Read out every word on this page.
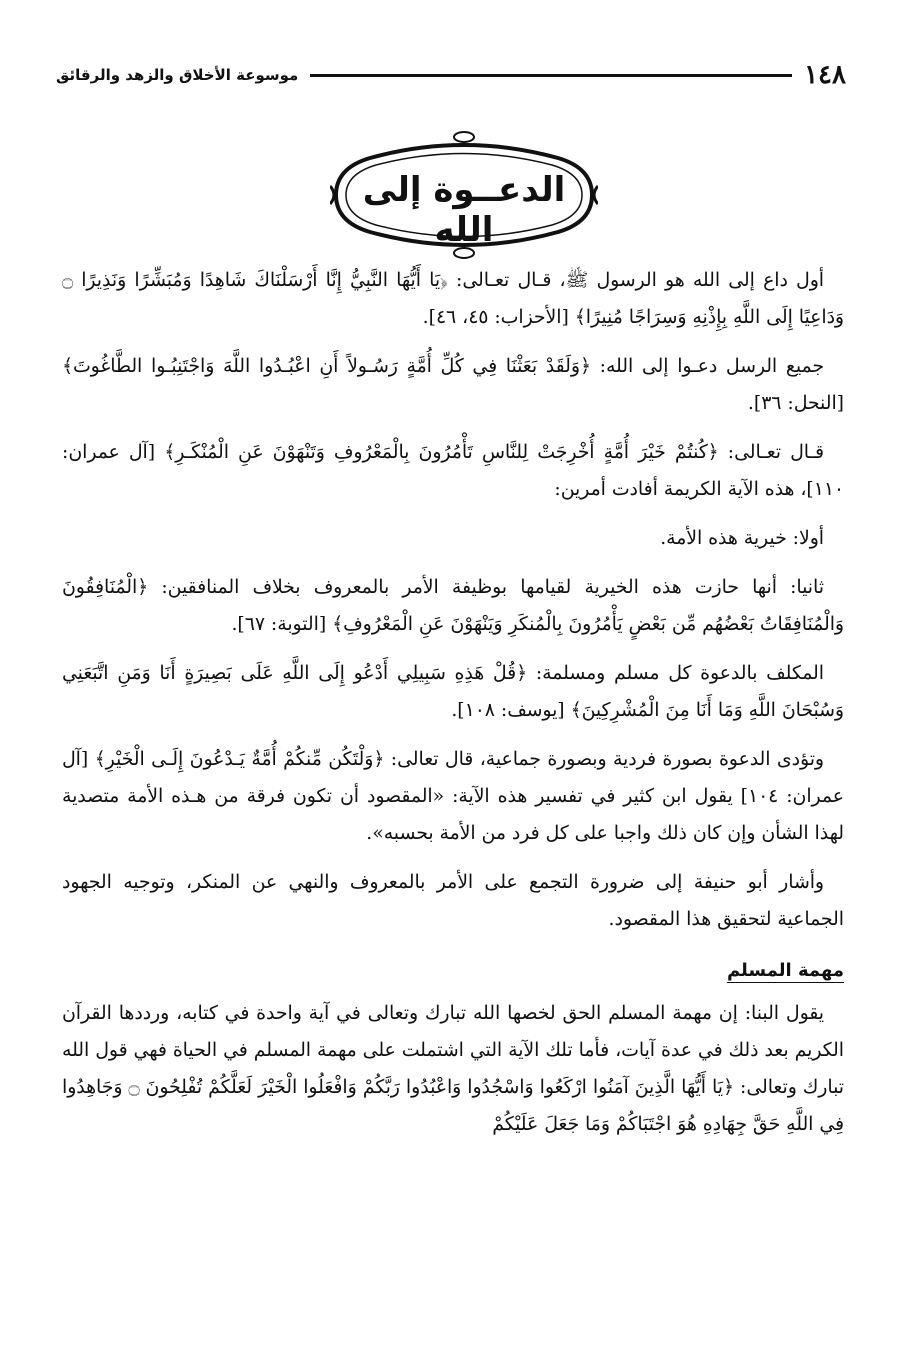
١٤٨
موسوعة الأخلاق والزهد والرقائق
الدعــوة إلى الله

أول داع إلى الله هو الرسول ﷺ، قـال تعـالى: ﴿يَا أَيُّهَا النَّبِيُّ إِنَّا أَرْسَلْنَاكَ شَاهِدًا وَمُبَشِّرًا وَنَذِيرًا ۝ وَدَاعِيًا إِلَى اللَّهِ بِإِذْنِهِ وَسِرَاجًا مُنِيرًا﴾ [الأحزاب: ٤٥، ٤٦].

جميع الرسل دعـوا إلى الله: ﴿وَلَقَدْ بَعَثْنَا فِي كُلِّ أُمَّةٍ رَسُـولاً أَنِ اعْبُـدُوا اللَّهَ وَاجْتَنِبُـوا الطَّاغُوتَ﴾ [النحل: ٣٦].

قـال تعـالى: ﴿كُنتُمْ خَيْرَ أُمَّةٍ أُخْرِجَتْ لِلنَّاسِ تَأْمُرُونَ بِالْمَعْرُوفِ وَتَنْهَوْنَ عَنِ الْمُنْكَـرِ﴾ [آل عمران: ١١٠]، هذه الآية الكريمة أفادت أمرين:

أولا: خيرية هذه الأمة.

ثانيا: أنها حازت هذه الخيرية لقيامها بوظيفة الأمر بالمعروف بخلاف المنافقين: ﴿الْمُنَافِقُونَ وَالْمُنَافِقَاتُ بَعْضُهُم مِّن بَعْضٍ يَأْمُرُونَ بِالْمُنكَرِ وَيَنْهَوْنَ عَنِ الْمَعْرُوفِ﴾ [التوبة: ٦٧].

المكلف بالدعوة كل مسلم ومسلمة: ﴿قُلْ هَذِهِ سَبِيلِي أَدْعُو إِلَى اللَّهِ عَلَى بَصِيرَةٍ أَنَا وَمَنِ اتَّبَعَنِي وَسُبْحَانَ اللَّهِ وَمَا أَنَا مِنَ الْمُشْرِكِينَ﴾ [يوسف: ١٠٨].

وتؤدى الدعوة بصورة فردية وبصورة جماعية، قال تعالى: ﴿وَلْتَكُن مِّنكُمْ أُمَّةٌ يَـدْعُونَ إِلَـى الْخَيْرِ﴾ [آل عمران: ١٠٤] يقول ابن كثير في تفسير هذه الآية: «المقصود أن تكون فرقة من هـذه الأمة متصدية لهذا الشأن وإن كان ذلك واجبا على كل فرد من الأمة بحسبه».

وأشار أبو حنيفة إلى ضرورة التجمع على الأمر بالمعروف والنهي عن المنكر، وتوجيه الجهود الجماعية لتحقيق هذا المقصود.

مهمة المسلم

يقول البنا: إن مهمة المسلم الحق لخصها الله تبارك وتعالى في آية واحدة في كتابه، ورددها القرآن الكريم بعد ذلك في عدة آيات، فأما تلك الآية التي اشتملت على مهمة المسلم في الحياة فهي قول الله تبارك وتعالى: ﴿يَا أَيُّهَا الَّذِينَ آمَنُوا ارْكَعُوا وَاسْجُدُوا وَاعْبُدُوا رَبَّكُمْ وَافْعَلُوا الْخَيْرَ لَعَلَّكُمْ تُفْلِحُونَ ۝ وَجَاهِدُوا فِي اللَّهِ حَقَّ جِهَادِهِ هُوَ اجْتَبَاكُمْ وَمَا جَعَلَ عَلَيْكُمْ
